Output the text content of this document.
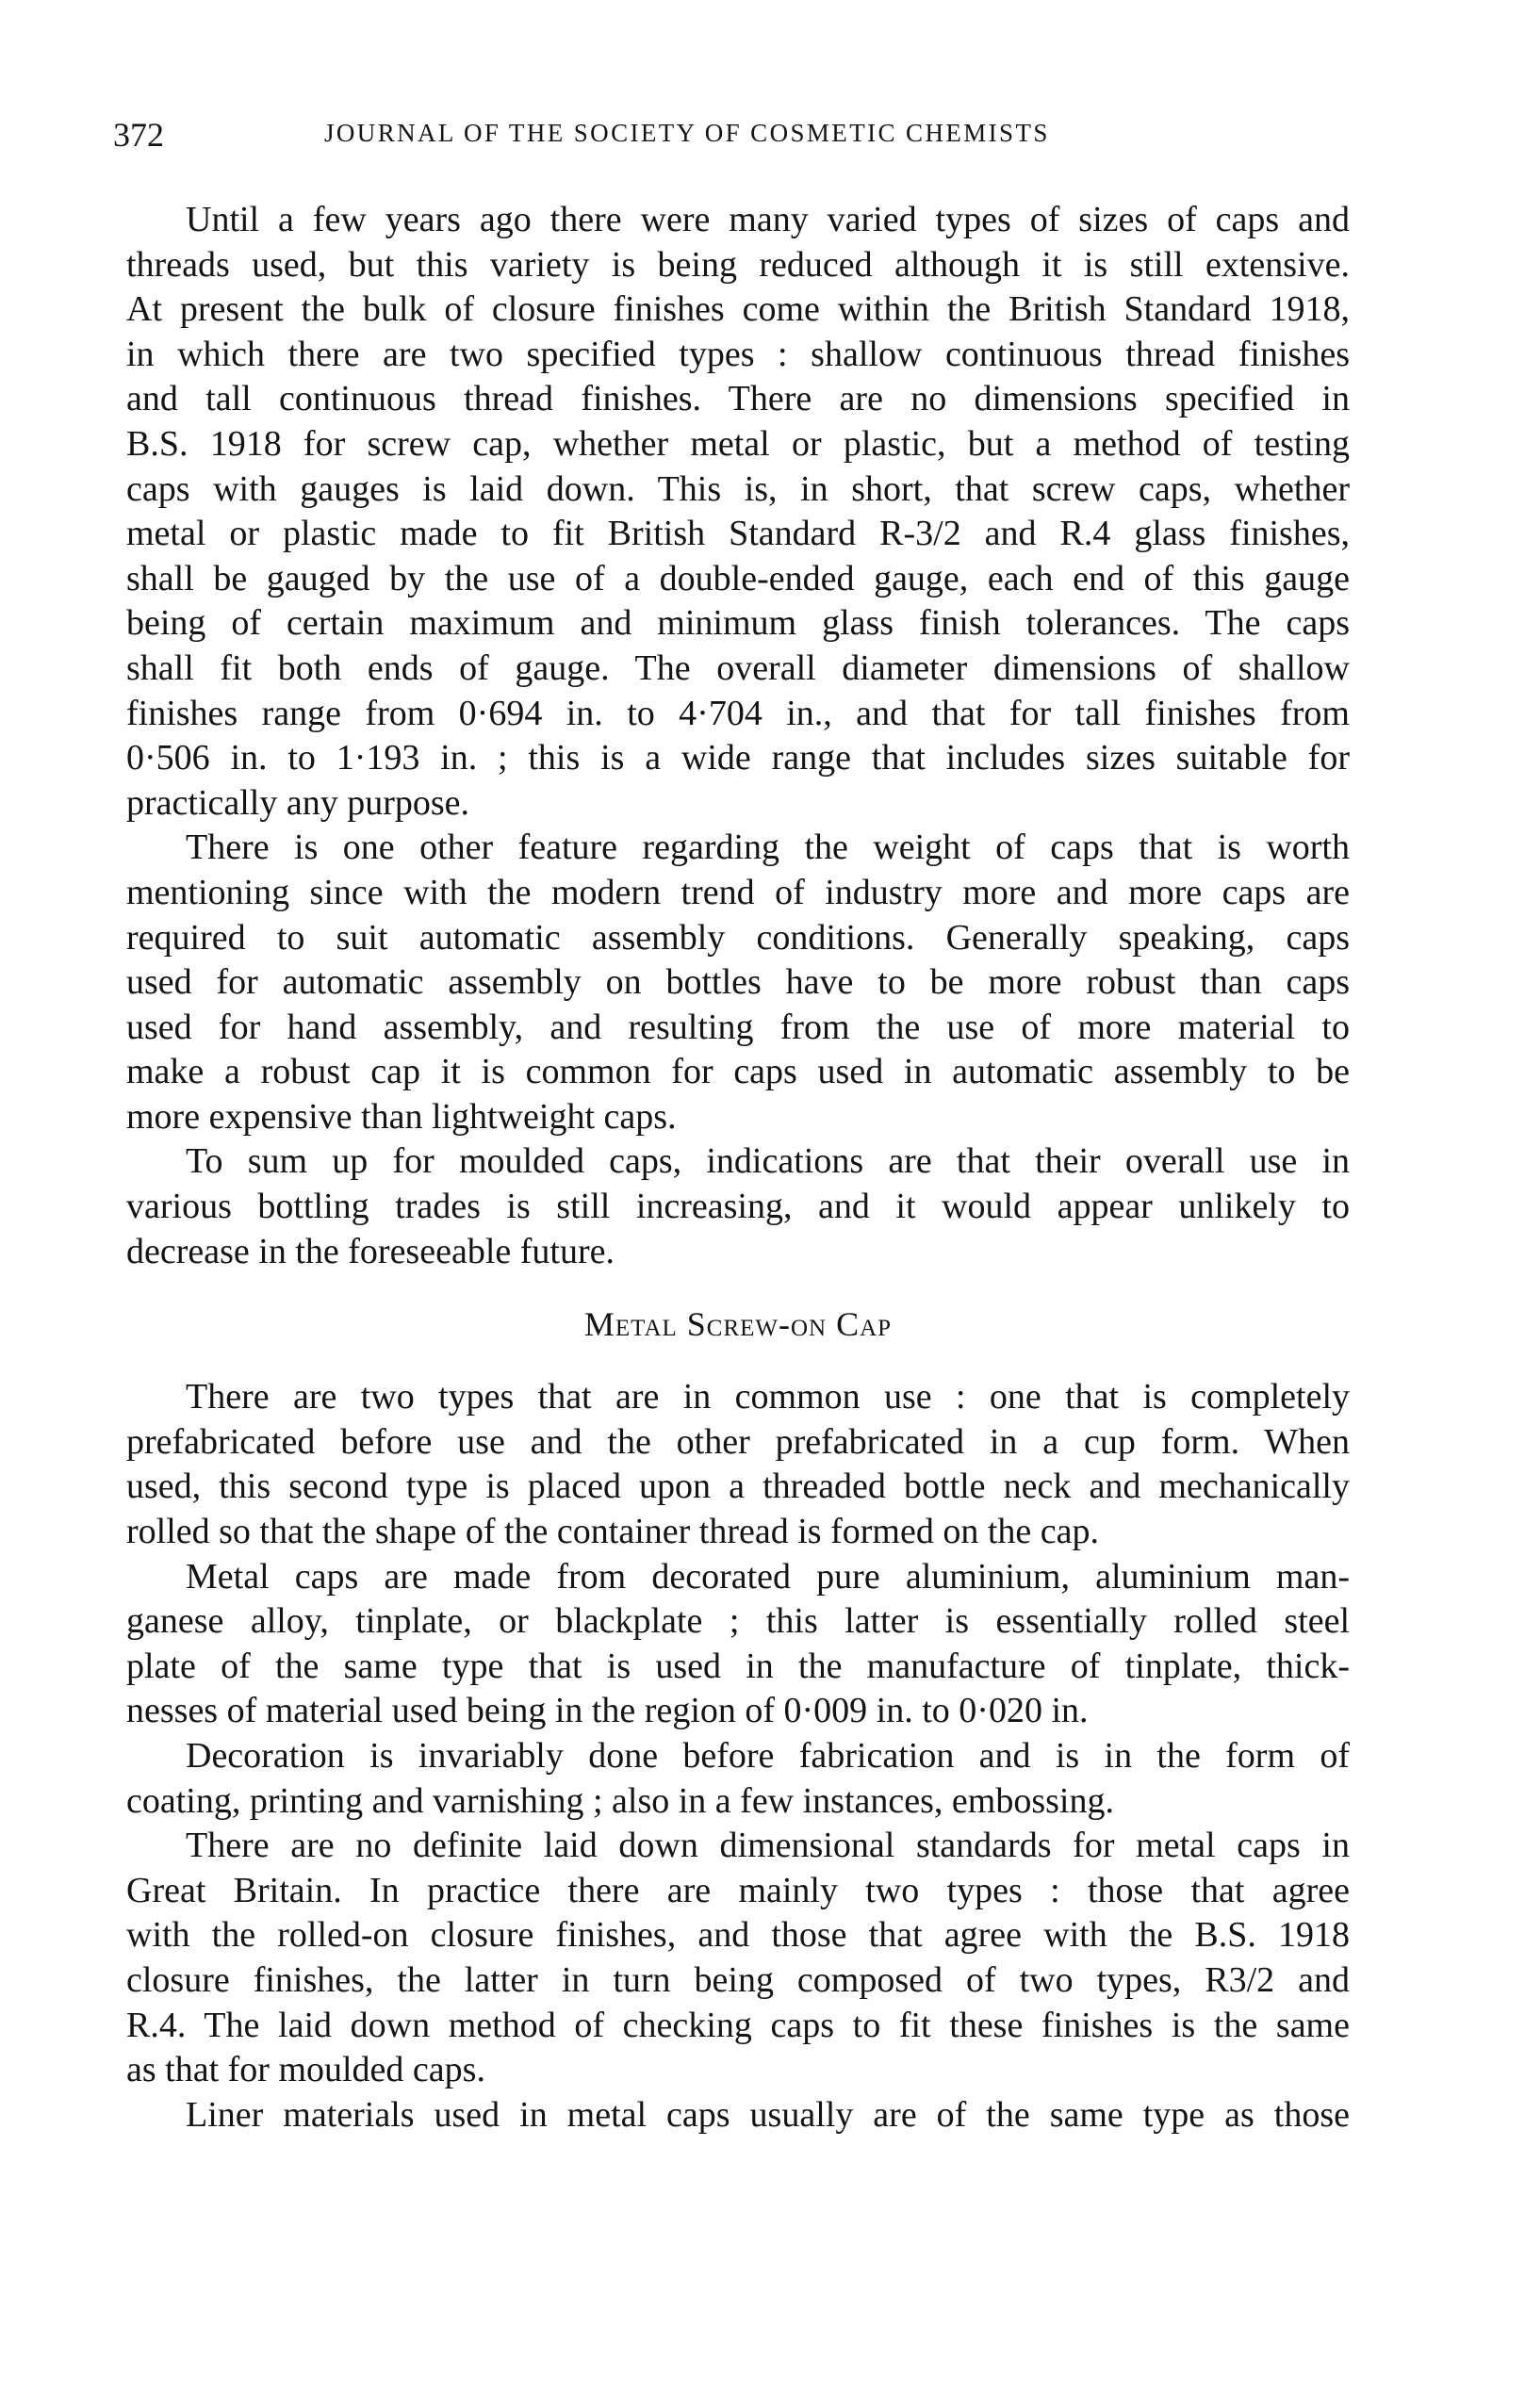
372	JOURNAL OF THE SOCIETY OF COSMETIC CHEMISTS
Until a few years ago there were many varied types of sizes of caps and
threads used, but this variety is being reduced although it is still extensive.
At present the bulk of closure finishes come within the British Standard 1918,
in which there are two specified types : shallow continuous thread finishes
and tall continuous thread finishes. There are no dimensions specified in
B.S. 1918 for screw cap, whether metal or plastic, but a method of testing
caps with gauges is laid down. This is, in short, that screw caps, whether
metal or plastic made to fit British Standard R-3/2 and R.4 glass finishes,
shall be gauged by the use of a double-ended gauge, each end of this gauge
being of certain maximum and minimum glass finish tolerances. The caps
shall fit both ends of gauge. The overall diameter dimensions of shallow
finishes range from 0·694 in. to 4·704 in., and that for tall finishes from
0·506 in. to 1·193 in. ; this is a wide range that includes sizes suitable for
practically any purpose.
There is one other feature regarding the weight of caps that is worth
mentioning since with the modern trend of industry more and more caps are
required to suit automatic assembly conditions. Generally speaking, caps
used for automatic assembly on bottles have to be more robust than caps
used for hand assembly, and resulting from the use of more material to
make a robust cap it is common for caps used in automatic assembly to be
more expensive than lightweight caps.
To sum up for moulded caps, indications are that their overall use in
various bottling trades is still increasing, and it would appear unlikely to
decrease in the foreseeable future.
Metal Screw-on Cap
There are two types that are in common use : one that is completely
prefabricated before use and the other prefabricated in a cup form. When
used, this second type is placed upon a threaded bottle neck and mechanically
rolled so that the shape of the container thread is formed on the cap.
Metal caps are made from decorated pure aluminium, aluminium man-
ganese alloy, tinplate, or blackplate ; this latter is essentially rolled steel
plate of the same type that is used in the manufacture of tinplate, thick-
nesses of material used being in the region of 0·009 in. to 0·020 in.
Decoration is invariably done before fabrication and is in the form of
coating, printing and varnishing ; also in a few instances, embossing.
There are no definite laid down dimensional standards for metal caps in
Great Britain. In practice there are mainly two types : those that agree
with the rolled-on closure finishes, and those that agree with the B.S. 1918
closure finishes, the latter in turn being composed of two types, R3/2 and
R.4. The laid down method of checking caps to fit these finishes is the same
as that for moulded caps.
Liner materials used in metal caps usually are of the same type as those
